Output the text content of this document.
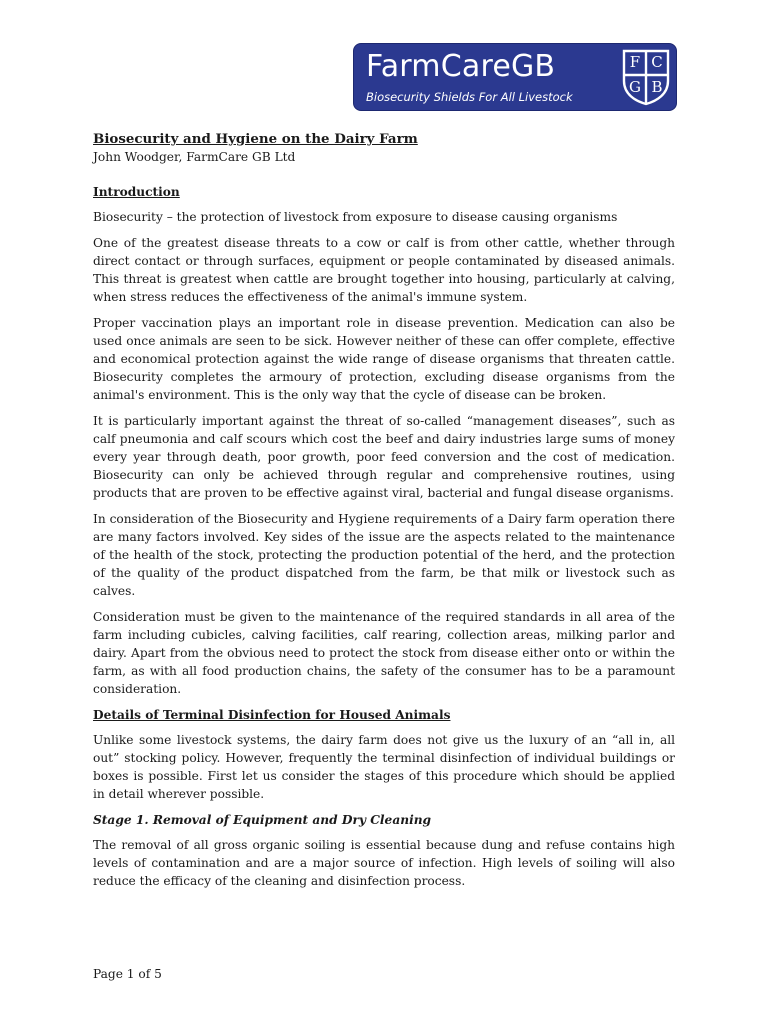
FarmCareGB
Biosecurity Shields For All Livestock
F C
G B
Biosecurity and Hygiene on the Dairy Farm
John Woodger, FarmCare GB Ltd
Introduction

Biosecurity – the protection of livestock from exposure to disease causing organisms

One of the greatest disease threats to a cow or calf is from other cattle, whether through direct contact or through surfaces, equipment or people contaminated by diseased animals. This threat is greatest when cattle are brought together into housing, particularly at calving, when stress reduces the effectiveness of the animal's immune system.

Proper vaccination plays an important role in disease prevention. Medication can also be used once animals are seen to be sick. However neither of these can offer complete, effective and economical protection against the wide range of disease organisms that threaten cattle. Biosecurity completes the armoury of protection, excluding disease organisms from the animal's environment. This is the only way that the cycle of disease can be broken.

It is particularly important against the threat of so-called “management diseases”, such as calf pneumonia and calf scours which cost the beef and dairy industries large sums of money every year through death, poor growth, poor feed conversion and the cost of medication. Biosecurity can only be achieved through regular and comprehensive routines, using products that are proven to be effective against viral, bacterial and fungal disease organisms.

In consideration of the Biosecurity and Hygiene requirements of a Dairy farm operation there are many factors involved. Key sides of the issue are the aspects related to the maintenance of the health of the stock, protecting the production potential of the herd, and the protection of the quality of the product dispatched from the farm, be that milk or livestock such as calves.

Consideration must be given to the maintenance of the required standards in all area of the farm including cubicles, calving facilities, calf rearing, collection areas, milking parlor and dairy. Apart from the obvious need to protect the stock from disease either onto or within the farm, as with all food production chains, the safety of the consumer has to be a paramount consideration.

Details of Terminal Disinfection for Housed Animals

Unlike some livestock systems, the dairy farm does not give us the luxury of an “all in, all out” stocking policy. However, frequently the terminal disinfection of individual buildings or boxes is possible. First let us consider the stages of this procedure which should be applied in detail wherever possible.

Stage 1. Removal of Equipment and Dry Cleaning

The removal of all gross organic soiling is essential because dung and refuse contains high levels of contamination and are a major source of infection. High levels of soiling will also reduce the efficacy of the cleaning and disinfection process.

Page 1 of 5
